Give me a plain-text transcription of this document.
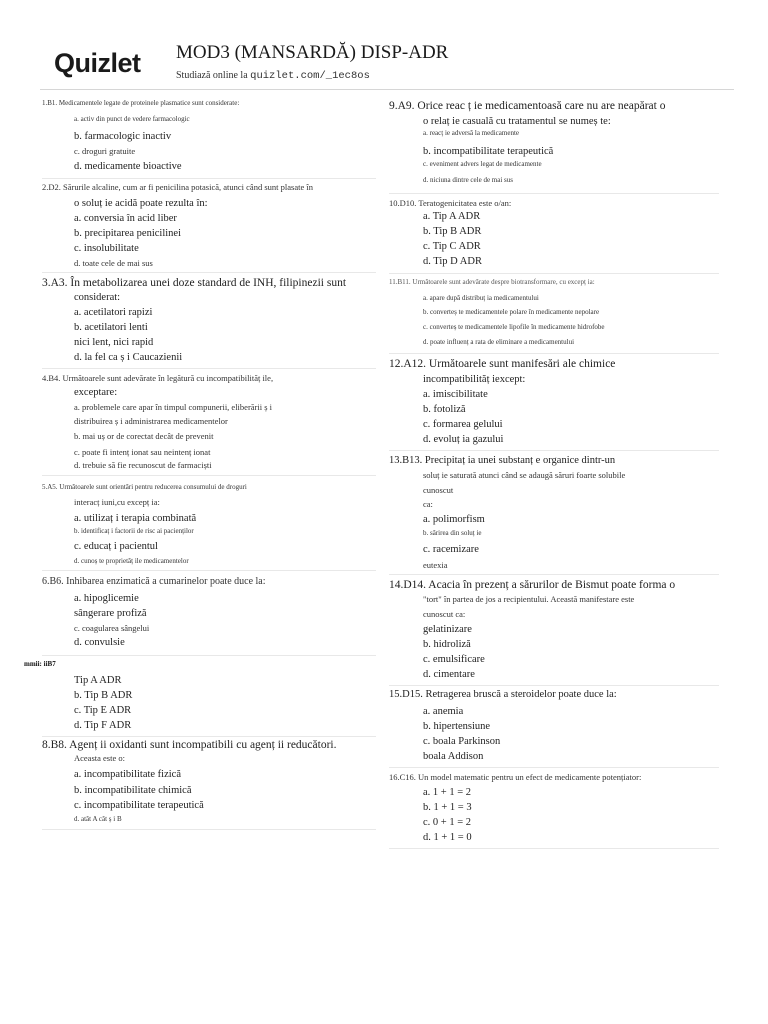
Quizlet MOD3 (MANSARDĂ) DISP-ADR
Studiază online la quizlet.com/_1ec8os
1.B1. Medicamentele legate de proteinele plasmatice sunt considerate:
a. activ din punct de vedere farmacologic
b. farmacologic inactiv
c. droguri gratuite
d. medicamente bioactive
2.D2. Sărurile alcaline, cum ar fi penicilina potasică, atunci când sunt plasate în
o soluț ie acidă poate rezulta în:
a. conversia în acid liber
b. precipitarea penicilinei
c. insolubilitate
d. toate cele de mai sus
3.A3. În metabolizarea unei doze standard de INH, filipinezii sunt
considerat:
a. acetilatori rapizi
b. acetilatori lenti
nici lent, nici rapid
d. la fel ca ș i Caucazienii
4.B4. Următoarele sunt adevărate în legătură cu incompatibilităț ile,
exceptare:
a. problemele care apar în timpul compunerii, eliberării ș i
distribuirea ș i administrarea medicamentelor
b. mai uș or de corectat decât de prevenit
c. poate fi intenț ionat sau neintenț ionat
d. trebuie să fie recunoscut de farmaciști
5.A5. Următoarele sunt orientări pentru reducerea consumului de droguri
interacț iuni,cu excepț ia:
a. utilizaț i terapia combinată
b. identificaț i factorii de risc ai pacienților
c. educaț i pacientul
d. cunoș te proprietăț ile medicamentelor
6.B6. Inhibarea enzimatică a cumarinelor poate duce la:
a. hipoglicemie
sângerare profiză
c. coagularea sângelui
d. convulsie
mmii: iiB7
Tip A ADR
b. Tip B ADR
c. Tip E ADR
d. Tip F ADR
8.B8. Agenț ii oxidanti sunt incompatibili cu agenț ii reducători.
Aceasta este o:
a. incompatibilitate fizică
b. incompatibilitate chimică
c. incompatibilitate terapeutică
d. atât A cât ș i B
9.A9. Orice reac ț ie medicamentoasă care nu are neapărat o
o relaț ie casuală cu tratamentul se numeș te:
a. reacț ie adversă la medicamente
b. incompatibilitate terapeutică
c. eveniment advers legat de medicamente
d. niciuna dintre cele de mai sus
10.D10. Teratogenicitatea este o/an:
a. Tip A ADR
b. Tip B ADR
c. Tip C ADR
d. Tip D ADR
11.B11. Următoarele sunt adevărate despre biotransformare, cu excepț ia:
a. apare după distribuț ia medicamentului
b. converteș te medicamentele polare în medicamente nepolare
c. converteș te medicamentele lipofile în medicamente hidrofobe
d. poate influenț a rata de eliminare a medicamentului
12.A12. Următoarele sunt manifesări ale chimice
incompatibilităț iexcept:
a. imiscibilitate
b. fotoliză
c. formarea gelului
d. evoluț ia gazului
13.B13. Precipitaț ia unei substanț e organice dintr-un
soluț ie saturată atunci când se adaugă săruri foarte solubile
cunoscut
ca:
a. polimorfism
b. sărirea din soluț ie
c. racemizare
eutexia
14.D14. Acacia în prezenț a sărurilor de Bismut poate forma o
"tort" în partea de jos a recipientului. Această manifestare este
cunoscut ca:
gelatinizare
b. hidroliză
c. emulsificare
d. cimentare
15.D15. Retragerea bruscă a steroidelor poate duce la:
a. anemia
b. hipertensiune
c. boala Parkinson
boala Addison
16.C16. Un model matematic pentru un efect de medicamente potențiator:
a. 1 + 1 = 2
b. 1 + 1 = 3
c. 0 + 1 = 2
d. 1 + 1 = 0
